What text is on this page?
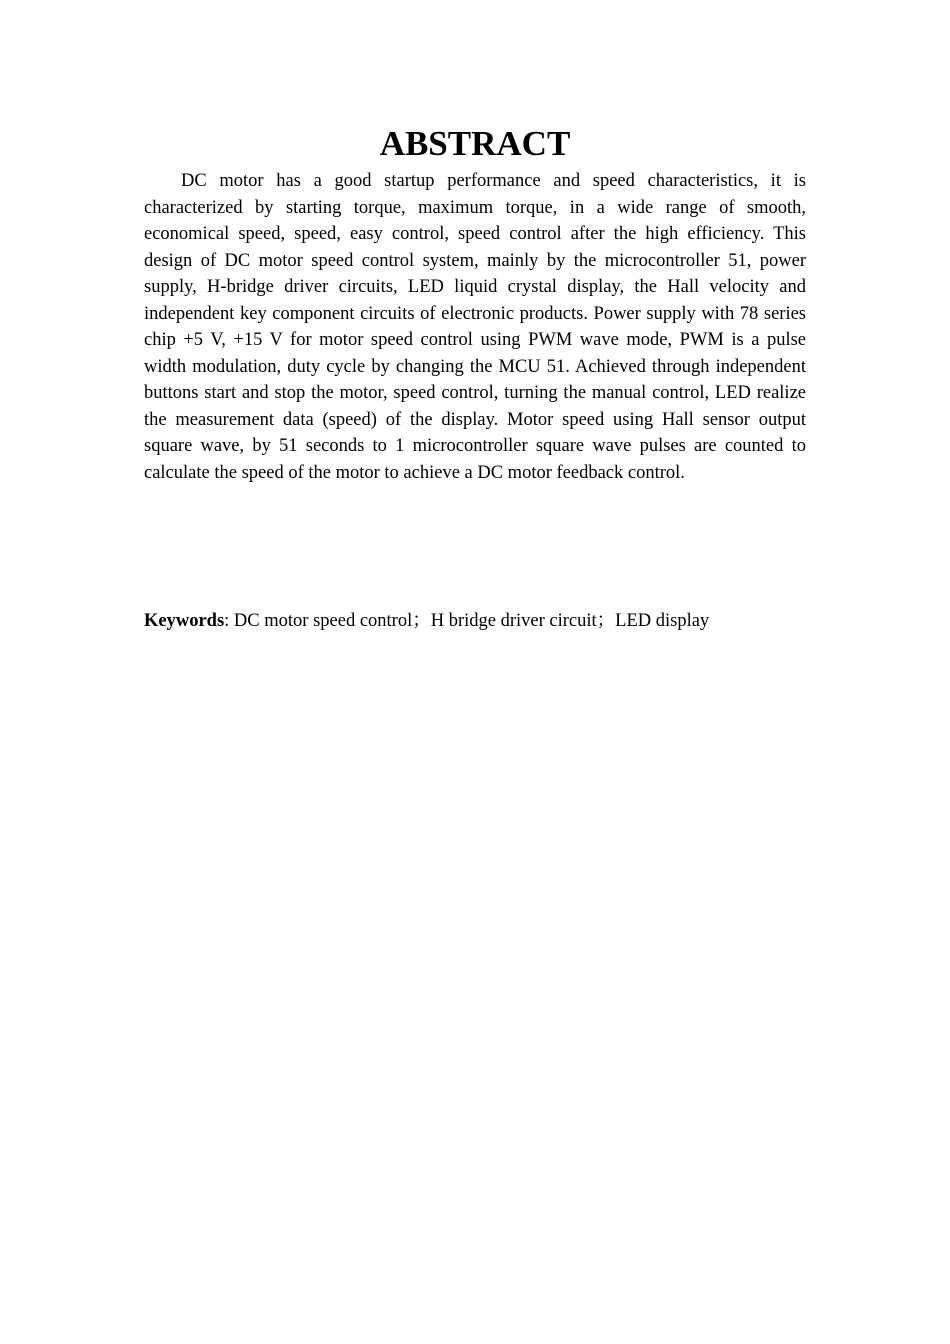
ABSTRACT

DC motor has a good startup performance and speed characteristics, it is characterized by starting torque, maximum torque, in a wide range of smooth, economical speed, speed, easy control, speed control after the high efficiency. This design of DC motor speed control system, mainly by the microcontroller 51, power supply, H-bridge driver circuits, LED liquid crystal display, the Hall velocity and independent key component circuits of electronic products. Power supply with 78 series chip +5 V, +15 V for motor speed control using PWM wave mode, PWM is a pulse width modulation, duty cycle by changing the MCU 51. Achieved through independent buttons start and stop the motor, speed control, turning the manual control, LED realize the measurement data (speed) of the display. Motor speed using Hall sensor output square wave, by 51 seconds to 1 microcontroller square wave pulses are counted to calculate the speed of the motor to achieve a DC motor feedback control.

Keywords: DC motor speed control；H bridge driver circuit；LED display
